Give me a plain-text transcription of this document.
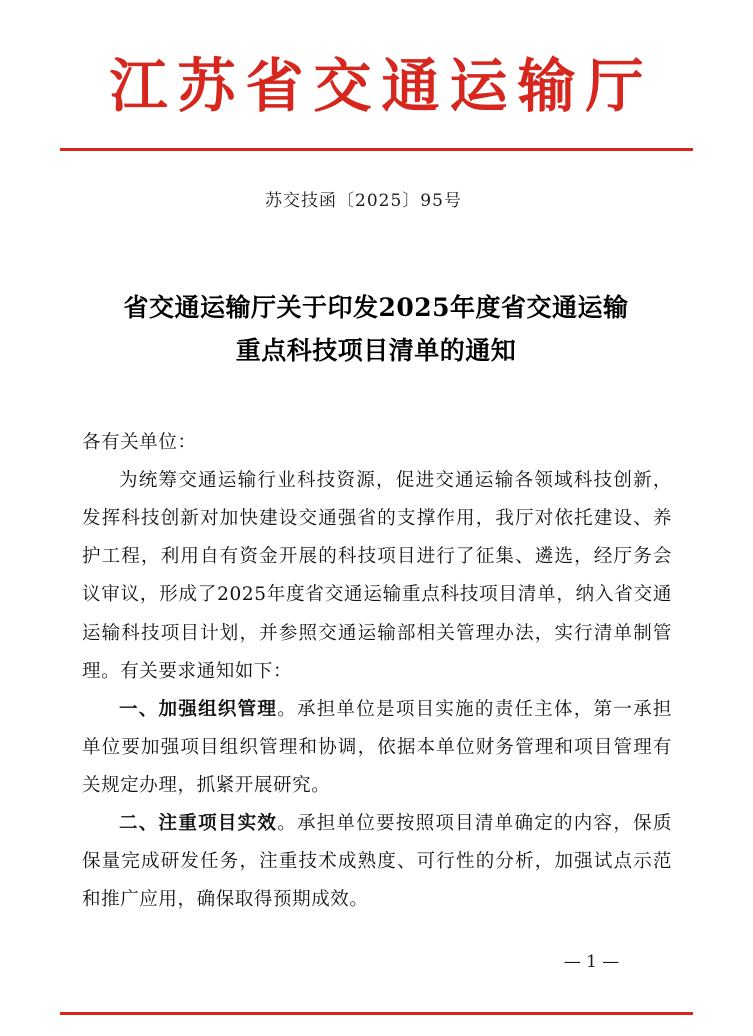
江苏省交通运输厅
苏交技函〔2025〕95号
省交通运输厅关于印发2025年度省交通运输
重点科技项目清单的通知

各有关单位：

为统筹交通运输行业科技资源，促进交通运输各领域科技创新，发挥科技创新对加快建设交通强省的支撑作用，我厅对依托建设、养护工程，利用自有资金开展的科技项目进行了征集、遴选，经厅务会议审议，形成了2025年度省交通运输重点科技项目清单，纳入省交通运输科技项目计划，并参照交通运输部相关管理办法，实行清单制管理。有关要求通知如下：

一、加强组织管理。承担单位是项目实施的责任主体，第一承担单位要加强项目组织管理和协调，依据本单位财务管理和项目管理有关规定办理，抓紧开展研究。

二、注重项目实效。承担单位要按照项目清单确定的内容，保质保量完成研发任务，注重技术成熟度、可行性的分析，加强试点示范和推广应用，确保取得预期成效。

— 1 —
